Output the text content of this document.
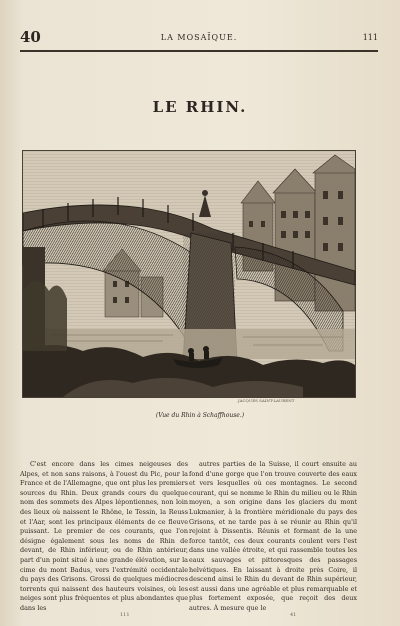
40	LA MOSAÏQUE.	111
LE RHIN.
JACQUES SAINT-LAURENT
(Vue du Rhin à Schaffhouse.)

C'est encore dans les cimes neigeuses des Alpes, et non sans raisons, à l'ouest du Pic, pour la France et de l'Allemagne, que ont plus les premiers sources du Rhin. Deux grands cours du quelque nom des sommets des Alpes lépontiennes, non loin des lieux où naissent le Rhône, le Tessin, la Reuss et l'Aar, sont les principaux éléments de ce fleuve puissant. Le premier de ces courants, que l'on désigne également sous les noms de Rhin de devant, de Rhin inférieur, ou de Rhin antérieur, part d'un point situé à une grande élévation, sur la cime du mont Badus, vers l'extrémité occidentale du pays des Grisons. Grossi de quelques médiocres torrents qui naissent des hauteurs voisines, où les neiges sont plus fréquentes et plus abondantes que dans les

autres parties de la Suisse, il court ensuite au fond d'une gorge que l'on trouve couverte des eaux et vers lesquelles où ces montagnes. Le second courant, qui se nomme le Rhin du milieu ou le Rhin moyen, a son origine dans les glaciers du mont Lukmanier, à la frontière méridionale du pays des Grisons, et ne tarde pas à se réunir au Rhin qu'il rejoint à Dissentis. Réunis et formant de la une force tantôt, ces deux courants coulent vers l'est dans une vallée étroite, et qui rassemble toutes les eaux sauvages et pittoresques des passages helvétiques. En laissant à droite près Coire, il descend ainsi le Rhin du devant de Rhin supérieur, est aussi dans une agréable et plus remarquable et plus fortement exposée, que reçoit des deux autres. À mesure que le

111	41
